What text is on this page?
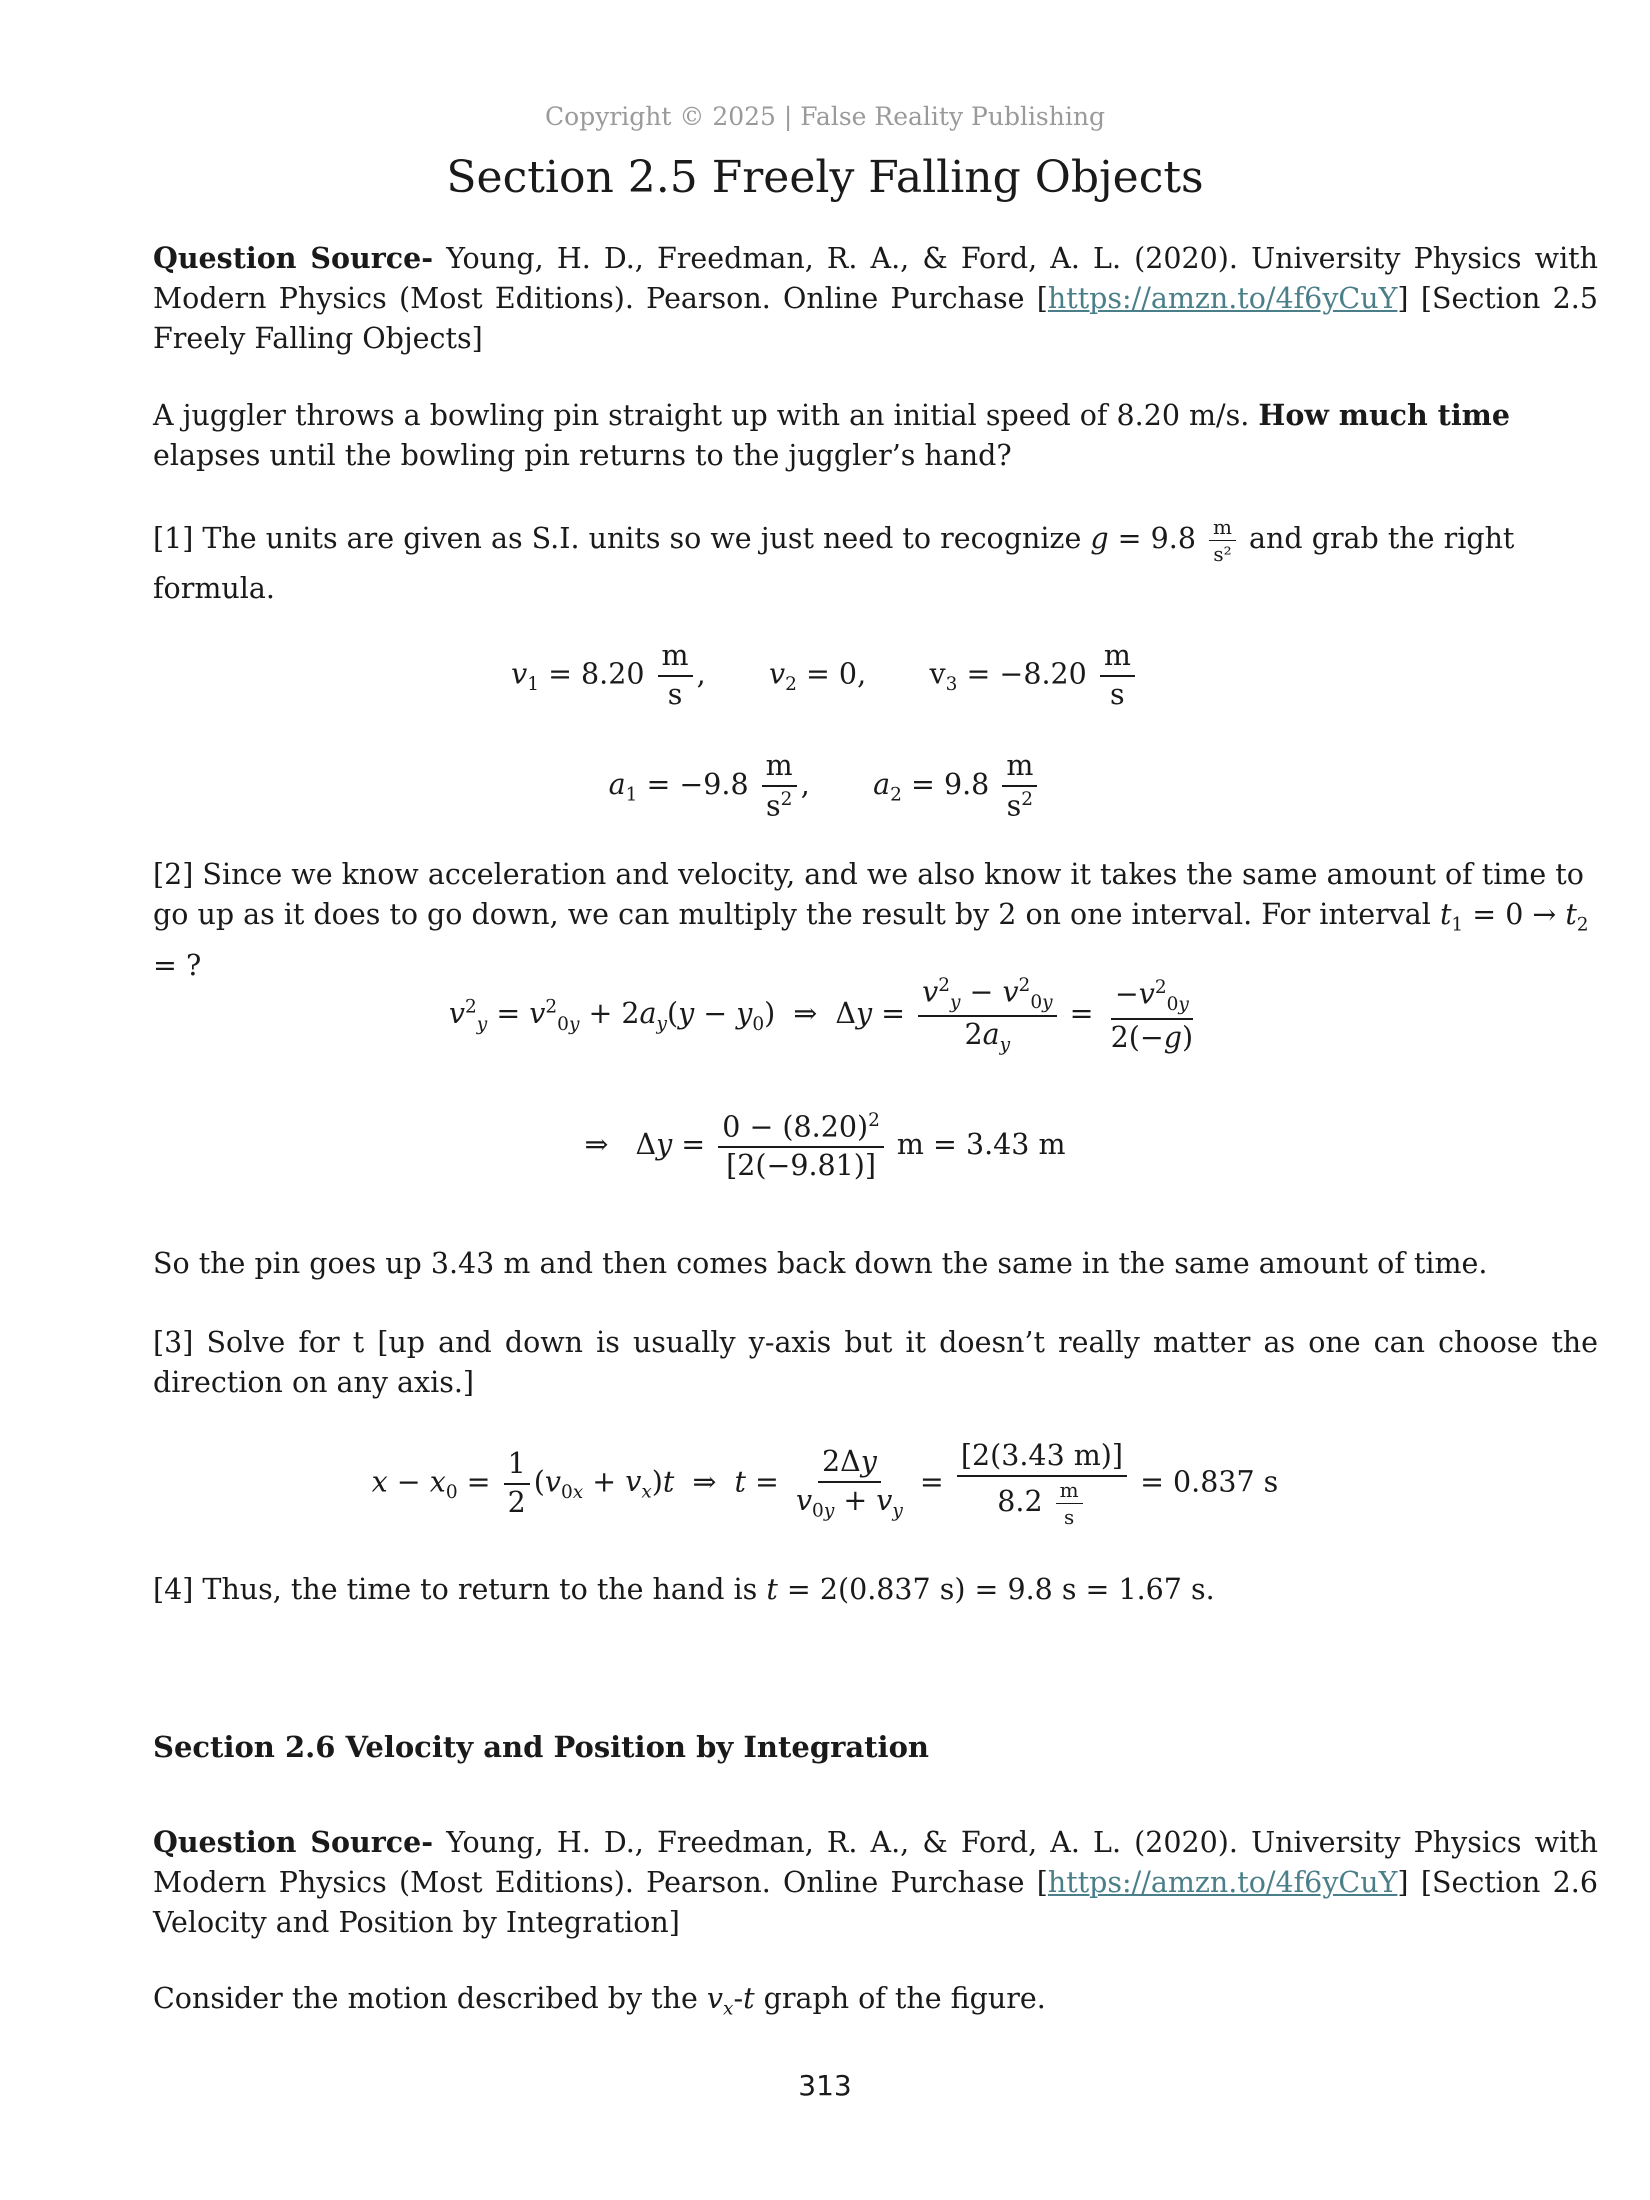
Copyright © 2025 | False Reality Publishing
Section 2.5 Freely Falling Objects

Question Source- Young, H. D., Freedman, R. A., & Ford, A. L. (2020). University Physics with Modern Physics (Most Editions). Pearson. Online Purchase [https://amzn.to/4f6yCuY] [Section 2.5 Freely Falling Objects]

A juggler throws a bowling pin straight up with an initial speed of 8.20 m/s. How much time elapses until the bowling pin returns to the juggler’s hand?

[1] The units are given as S.I. units so we just need to recognize $g = 9.8 \frac{m}{\text{s²}}$ and grab the right formula.

$v_1 = 8.20 \frac{m}{s}$ ,       $v_2 = 0$,       $v_3 = -8.20 \frac{m}{s}$
$a_1 = -9.8 \frac{m}{s^2}$ ,       $a_2 = 9.8 \frac{m}{s^2}$

[2] Since we know acceleration and velocity, and we also know it takes the same amount of time to go up as it does to go down, we can multiply the result by 2 on one interval. For interval $t_1 = 0 \to t_2$ = ?

$v^2_y = v^2_{0y} + 2a_y(y - y_0)$  ⇒  $\Delta y = \frac{v^2_y - v^2_{0y}}{2a_y} = \frac{-v^2_{0y}}{2(-g)}$
⇒   $\Delta y = \frac{0 - (8.20)^2}{[2(-9.81)]}$ m = 3.43 m

So the pin goes up 3.43 m and then comes back down the same in the same amount of time.

[3] Solve for t [up and down is usually y-axis but it doesn’t really matter as one can choose the direction on any axis.]

$x - x_0 = \frac{1}{2} (v_{0x} + v_x)t$  ⇒  $t = \frac{2\Delta y}{v_{0y} + v_y} = \frac{[2(3.43 m)]}{8.2 \frac{m}{s}} = 0.837$ s

[4] Thus, the time to return to the hand is t = 2(0.837 s) = 9.8 s = 1.67 s.

Section 2.6 Velocity and Position by Integration

Question Source- Young, H. D., Freedman, R. A., & Ford, A. L. (2020). University Physics with Modern Physics (Most Editions). Pearson. Online Purchase [https://amzn.to/4f6yCuY] [Section 2.6 Velocity and Position by Integration]

Consider the motion described by the $v_x-t$ graph of the figure.

313
